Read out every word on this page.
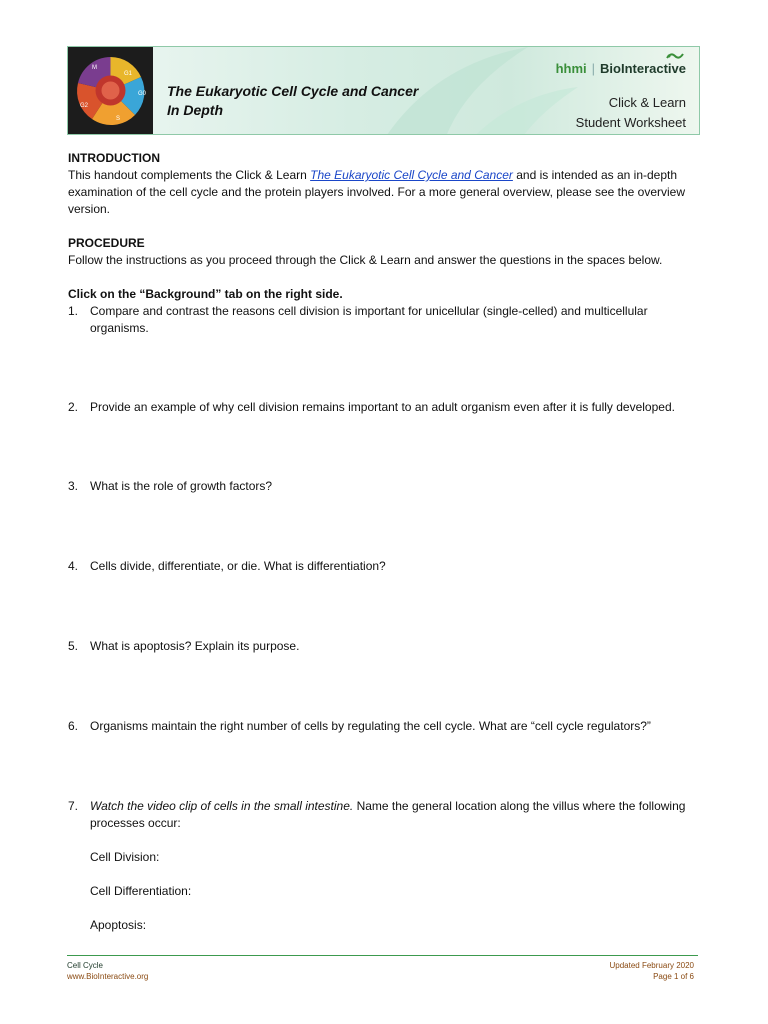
M
G1
S
G2
G0 The Eukaryotic Cell Cycle and Cancer
In Depth
hhmi | BioInteractive
Click & Learn
Student Worksheet

INTRODUCTION

This handout complements the Click & Learn The Eukaryotic Cell Cycle and Cancer and is intended as an in-depth examination of the cell cycle and the protein players involved. For a more general overview, please see the overview version.

PROCEDURE

Follow the instructions as you proceed through the Click & Learn and answer the questions in the spaces below.

Click on the “Background” tab on the right side.

1. Compare and contrast the reasons cell division is important for unicellular (single-celled) and multicellular organisms.
2. Provide an example of why cell division remains important to an adult organism even after it is fully developed.
3. What is the role of growth factors?
4. Cells divide, differentiate, or die. What is differentiation?
5. What is apoptosis? Explain its purpose.
6. Organisms maintain the right number of cells by regulating the cell cycle. What are “cell cycle regulators?”
7. Watch the video clip of cells in the small intestine. Name the general location along the villus where the following processes occur:

Cell Division:

Cell Differentiation:

Apoptosis:

Cell Cycle
www.BioInteractive.org
Updated February 2020
Page 1 of 6
